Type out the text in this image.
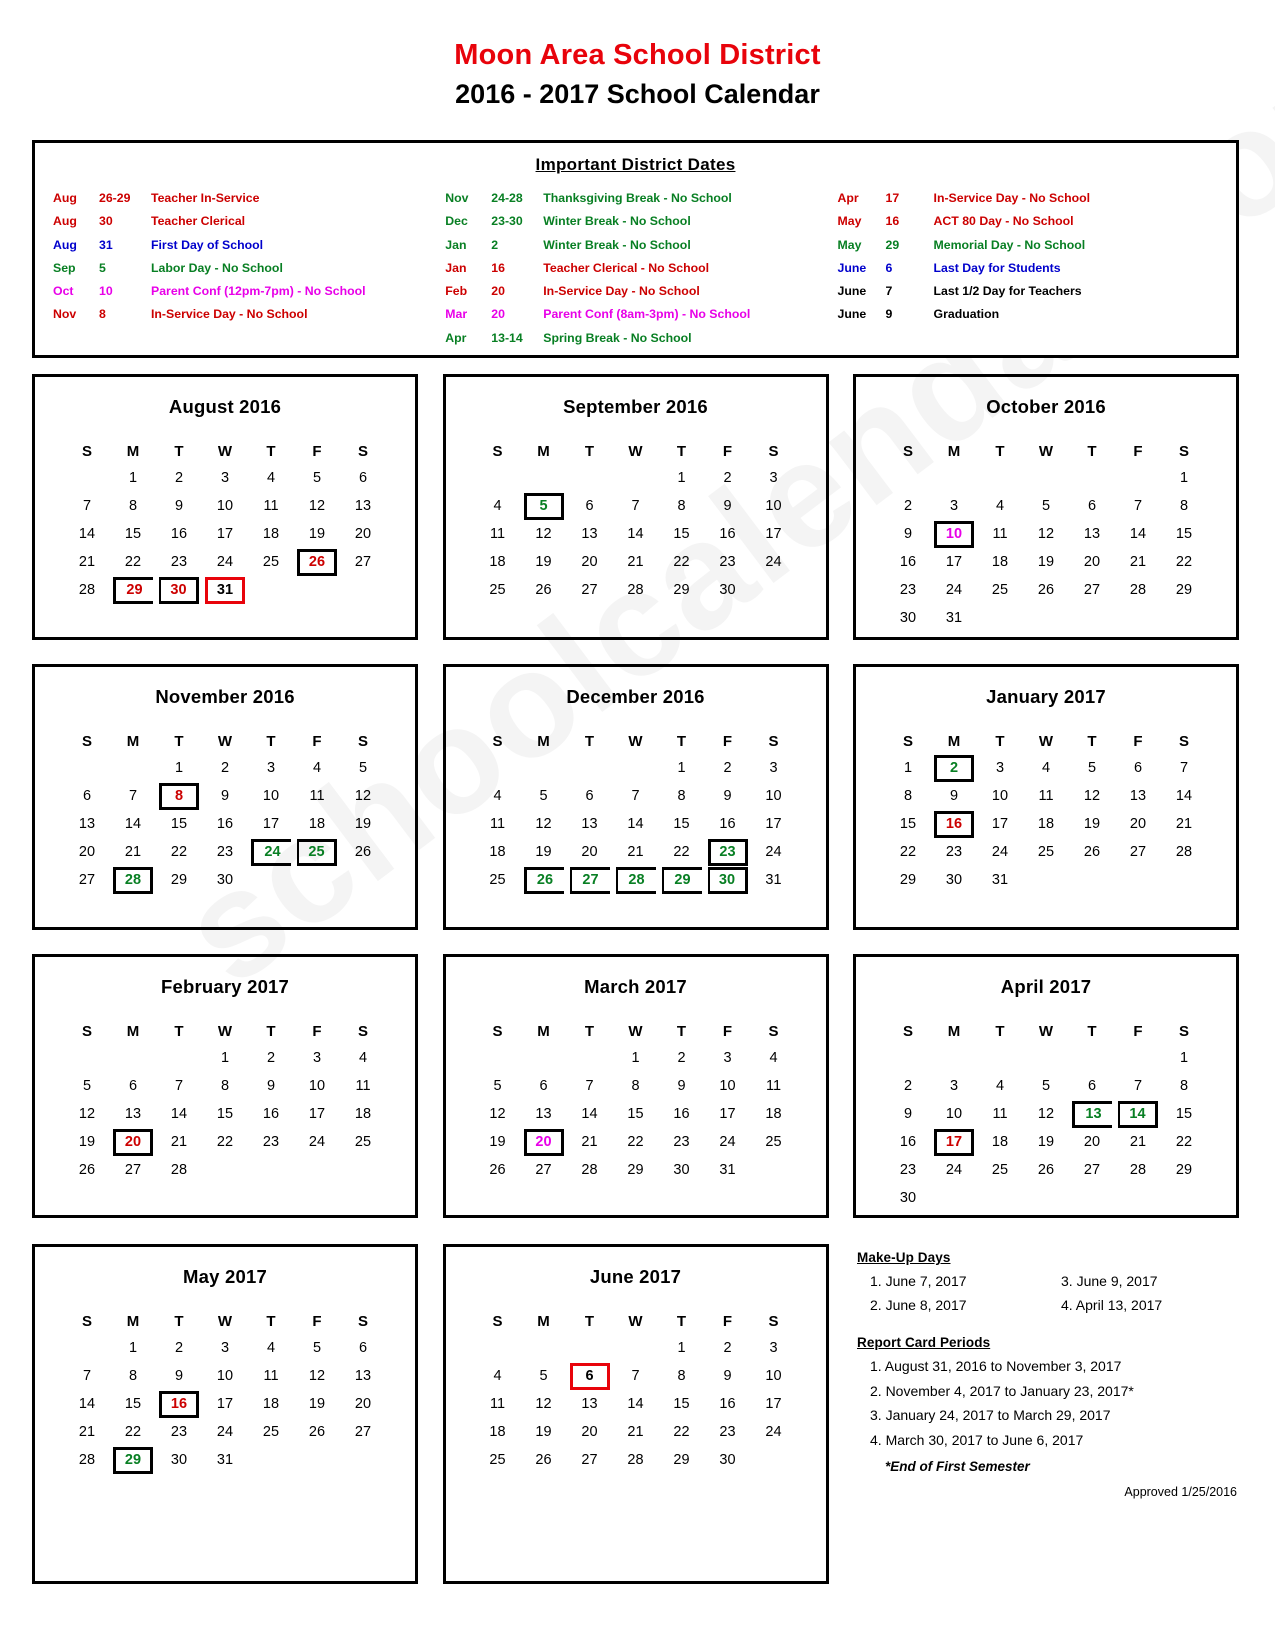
Moon Area School District
2016 - 2017 School Calendar
Important District Dates
Aug	26-29	Teacher In-Service
Aug	30	Teacher Clerical
Aug	31	First Day of School
Sep	5	Labor Day - No School
Oct	10	Parent Conf (12pm-7pm) - No School
Nov	8	In-Service Day - No School
Nov	24-28	Thanksgiving Break - No School
Dec	23-30	Winter Break - No School
Jan	2	Winter Break - No School
Jan	16	Teacher Clerical - No School
Feb	20	In-Service Day - No School
Mar	20	Parent Conf (8am-3pm) - No School
Apr	13-14	Spring Break - No School
Apr	17	In-Service Day - No School
May	16	ACT 80 Day - No School
May	29	Memorial Day - No School
June	6	Last Day for Students
June	7	Last 1/2 Day for Teachers
June	9	Graduation
August 2016
S	M	T	W	T	F	S
	1	2	3	4	5	6
7	8	9	10	11	12	13
14	15	16	17	18	19	20
21	22	23	24	25	26	27
28	29	30	31			
September 2016
S	M	T	W	T	F	S
				1	2	3
4	5	6	7	8	9	10
11	12	13	14	15	16	17
18	19	20	21	22	23	24
25	26	27	28	29	30	
October 2016
S	M	T	W	T	F	S
						1
2	3	4	5	6	7	8
9	10	11	12	13	14	15
16	17	18	19	20	21	22
23	24	25	26	27	28	29
30	31					
November 2016
S	M	T	W	T	F	S
		1	2	3	4	5
6	7	8	9	10	11	12
13	14	15	16	17	18	19
20	21	22	23	24	25	26
27	28	29	30			
December 2016
S	M	T	W	T	F	S
				1	2	3
4	5	6	7	8	9	10
11	12	13	14	15	16	17
18	19	20	21	22	23	24
25	26	27	28	29	30	31
January 2017
S	M	T	W	T	F	S
1	2	3	4	5	6	7
8	9	10	11	12	13	14
15	16	17	18	19	20	21
22	23	24	25	26	27	28
29	30	31				
February 2017
S	M	T	W	T	F	S
			1	2	3	4
5	6	7	8	9	10	11
12	13	14	15	16	17	18
19	20	21	22	23	24	25
26	27	28				
March 2017
S	M	T	W	T	F	S
			1	2	3	4
5	6	7	8	9	10	11
12	13	14	15	16	17	18
19	20	21	22	23	24	25
26	27	28	29	30	31	
April 2017
S	M	T	W	T	F	S
						1
2	3	4	5	6	7	8
9	10	11	12	13	14	15
16	17	18	19	20	21	22
23	24	25	26	27	28	29
30						
May 2017
S	M	T	W	T	F	S
	1	2	3	4	5	6
7	8	9	10	11	12	13
14	15	16	17	18	19	20
21	22	23	24	25	26	27
28	29	30	31			
June 2017
S	M	T	W	T	F	S
				1	2	3
4	5	6	7	8	9	10
11	12	13	14	15	16	17
18	19	20	21	22	23	24
25	26	27	28	29	30	
Make-Up Days
1. June 7, 2017	3. June 9, 2017
2. June 8, 2017	4. April 13, 2017
Report Card Periods
1. August 31, 2016 to November 3, 2017
2. November 4, 2017 to January 23, 2017*
3. January 24, 2017 to March 29, 2017
4. March 30, 2017 to June 6, 2017
*End of First Semester
Approved 1/25/2016
